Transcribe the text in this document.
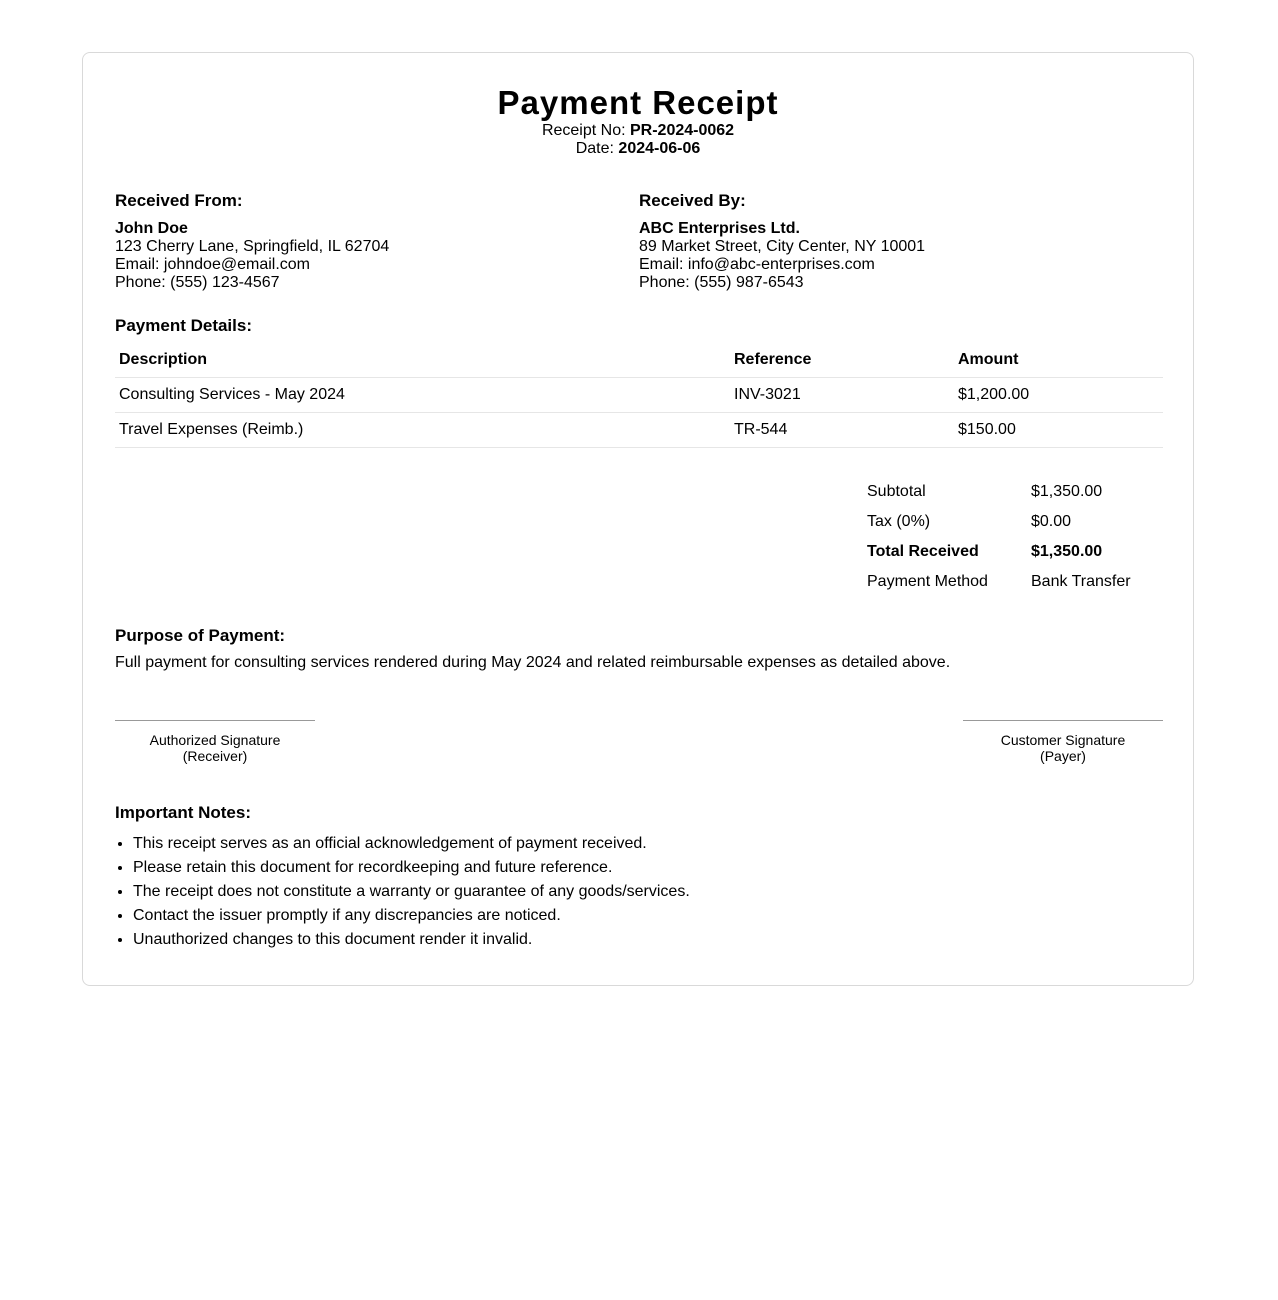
Payment Receipt
Receipt No: PR-2024-0062
Date: 2024-06-06
Received From:
John Doe
123 Cherry Lane, Springfield, IL 62704
Email: johndoe@email.com
Phone: (555) 123-4567
Received By:
ABC Enterprises Ltd.
89 Market Street, City Center, NY 10001
Email: info@abc-enterprises.com
Phone: (555) 987-6543
Payment Details:
Description	Reference	Amount
Consulting Services - May 2024	INV-3021	$1,200.00
Travel Expenses (Reimb.)	TR-544	$150.00
Subtotal	$1,350.00
Tax (0%)	$0.00
Total Received	$1,350.00
Payment Method	Bank Transfer
Purpose of Payment:

Full payment for consulting services rendered during May 2024 and related reimbursable expenses as detailed above.

Authorized Signature
(Receiver)
Customer Signature
(Payer)
Important Notes:
• This receipt serves as an official acknowledgement of payment received.
• Please retain this document for recordkeeping and future reference.
• The receipt does not constitute a warranty or guarantee of any goods/services.
• Contact the issuer promptly if any discrepancies are noticed.
• Unauthorized changes to this document render it invalid.
